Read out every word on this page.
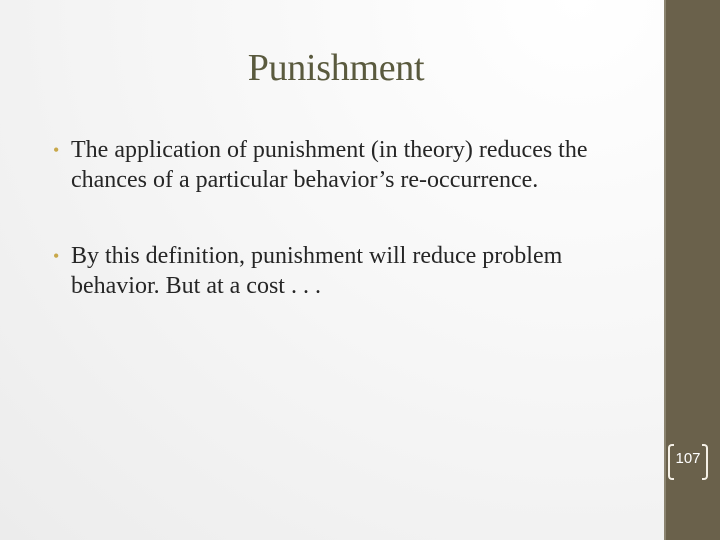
Punishment
• The application of punishment (in theory) reduces the chances of a particular behavior’s re-occurrence.
• By this definition, punishment will reduce problem behavior. But at a cost . . .
107
